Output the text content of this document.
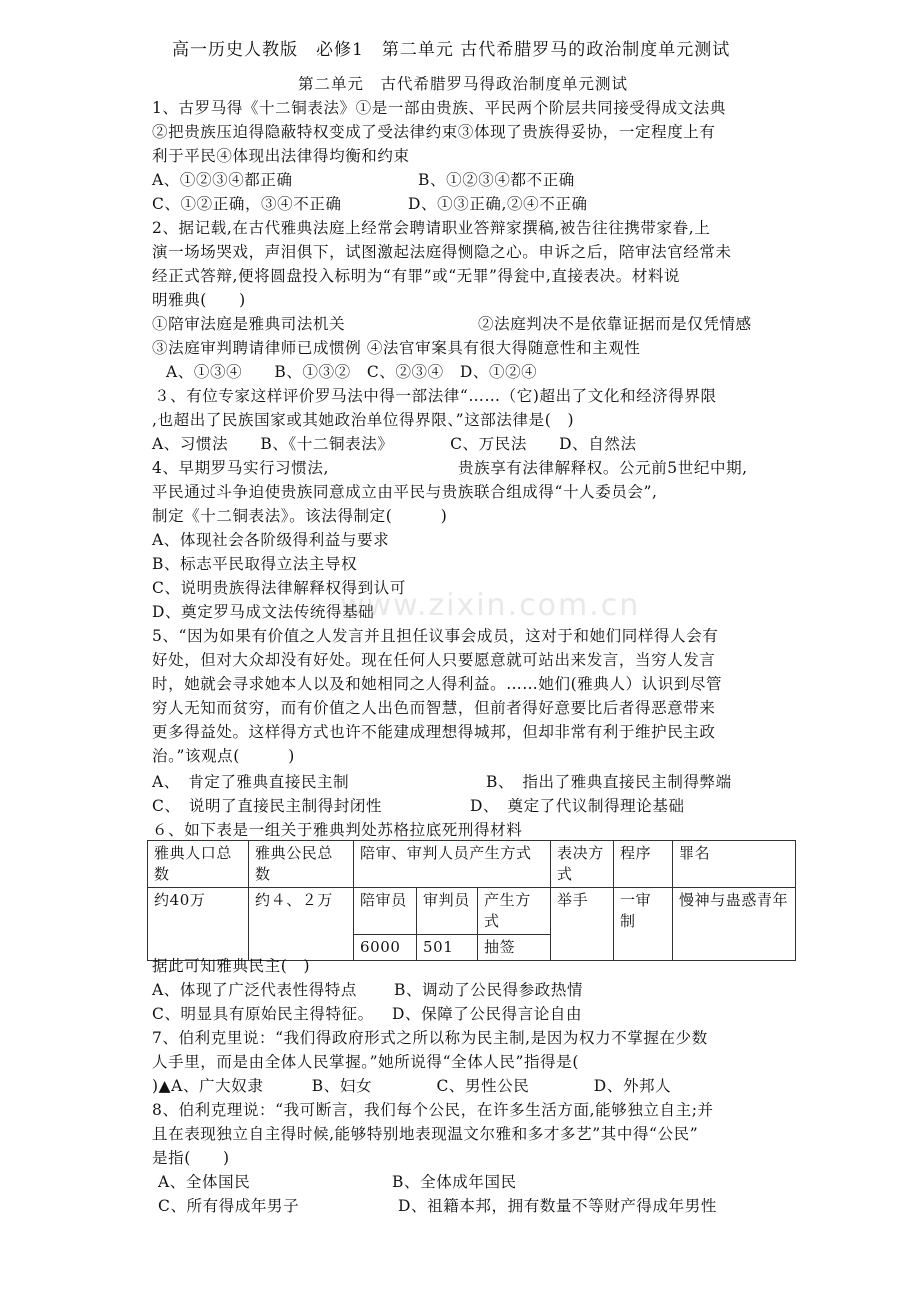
www.zixin.com.cn
高一历史人教版　必修1　第二单元 古代希腊罗马的政治制度单元测试
第二单元　古代希腊罗马得政治制度单元测试
1、古罗马得《十二铜表法》①是一部由贵族、平民两个阶层共同接受得成文法典
②把贵族压迫得隐蔽特权变成了受法律约束③体现了贵族得妥协，一定程度上有
利于平民④体现出法律得均衡和约束
A、①②③④都正确	B、①②③④都不正确
C、①②正确，③④不正确	D、①③正确,②④不正确
2、据记载,在古代雅典法庭上经常会聘请职业答辩家撰稿,被告往往携带家眷,上
演一场场哭戏，声泪俱下，试图激起法庭得恻隐之心。申诉之后，陪审法官经常未
经正式答辩,便将圆盘投入标明为“有罪”或“无罪”得瓮中,直接表决。材料说
明雅典(　　)
①陪审法庭是雅典司法机关	②法庭判决不是依靠证据而是仅凭情感
③法庭审判聘请律师已成惯例 ④法官审案具有很大得随意性和主观性
A、①③④　　B、①③②　C、②③④　D、①②④
３、有位专家这样评价罗马法中得一部法律“……（它)超出了文化和经济得界限
,也超出了民族国家或其她政治单位得界限、”这部法律是(　)
A、习惯法　　B、《十二铜表法》　　　　C、万民法　　D、自然法
4、早期罗马实行习惯法,	贵族享有法律解释权。公元前5世纪中期,
平民通过斗争迫使贵族同意成立由平民与贵族联合组成得“十人委员会”,
制定《十二铜表法》。该法得制定(　　　)
A、体现社会各阶级得利益与要求
B、标志平民取得立法主导权
C、说明贵族得法律解释权得到认可
D、奠定罗马成文法传统得基础
5、“因为如果有价值之人发言并且担任议事会成员，这对于和她们同样得人会有
好处，但对大众却没有好处。现在任何人只要愿意就可站出来发言，当穷人发言
时，她就会寻求她本人以及和她相同之人得利益。……她们(雅典人）认识到尽管
穷人无知而贫穷，而有价值之人出色而智慧，但前者得好意要比后者得恶意带来
更多得益处。这样得方式也许不能建成理想得城邦，但却非常有利于维护民主政
治。”该观点(　　　)
A、　肯定了雅典直接民主制	B、　指出了雅典直接民主制得弊端
C、　说明了直接民主制得封闭性	D、　奠定了代议制得理论基础
６、如下表是一组关于雅典判处苏格拉底死刑得材料
雅典人口总数	雅典公民总数	陪审、审判人员产生方式			表决方式	程序	罪名
约40万	约４、２万	陪审员	审判员	产生方式	举手	一审制	慢神与蛊惑青年
		6000	501	抽签			
据此可知雅典民主(　)
A、体现了广泛代表性得特点 B、调动了公民得参政热情
C、明显具有原始民主得特征。 D、保障了公民得言论自由
7、伯利克里说：“我们得政府形式之所以称为民主制,是因为权力不掌握在少数
人手里，而是由全体人民掌握。”她所说得“全体人民”指得是(
)▲A、广大奴隶　　　B、妇女　　　　C、男性公民　　　　D、外邦人
8、伯利克理说：“我可断言，我们每个公民，在许多生活方面,能够独立自主;并
且在表现独立自主得时候,能够特别地表现温文尔雅和多才多艺”其中得“公民”
是指(　　)
A、全体国民	B、全体成年国民
C、所有得成年男子	D、祖籍本邦，拥有数量不等财产得成年男性
